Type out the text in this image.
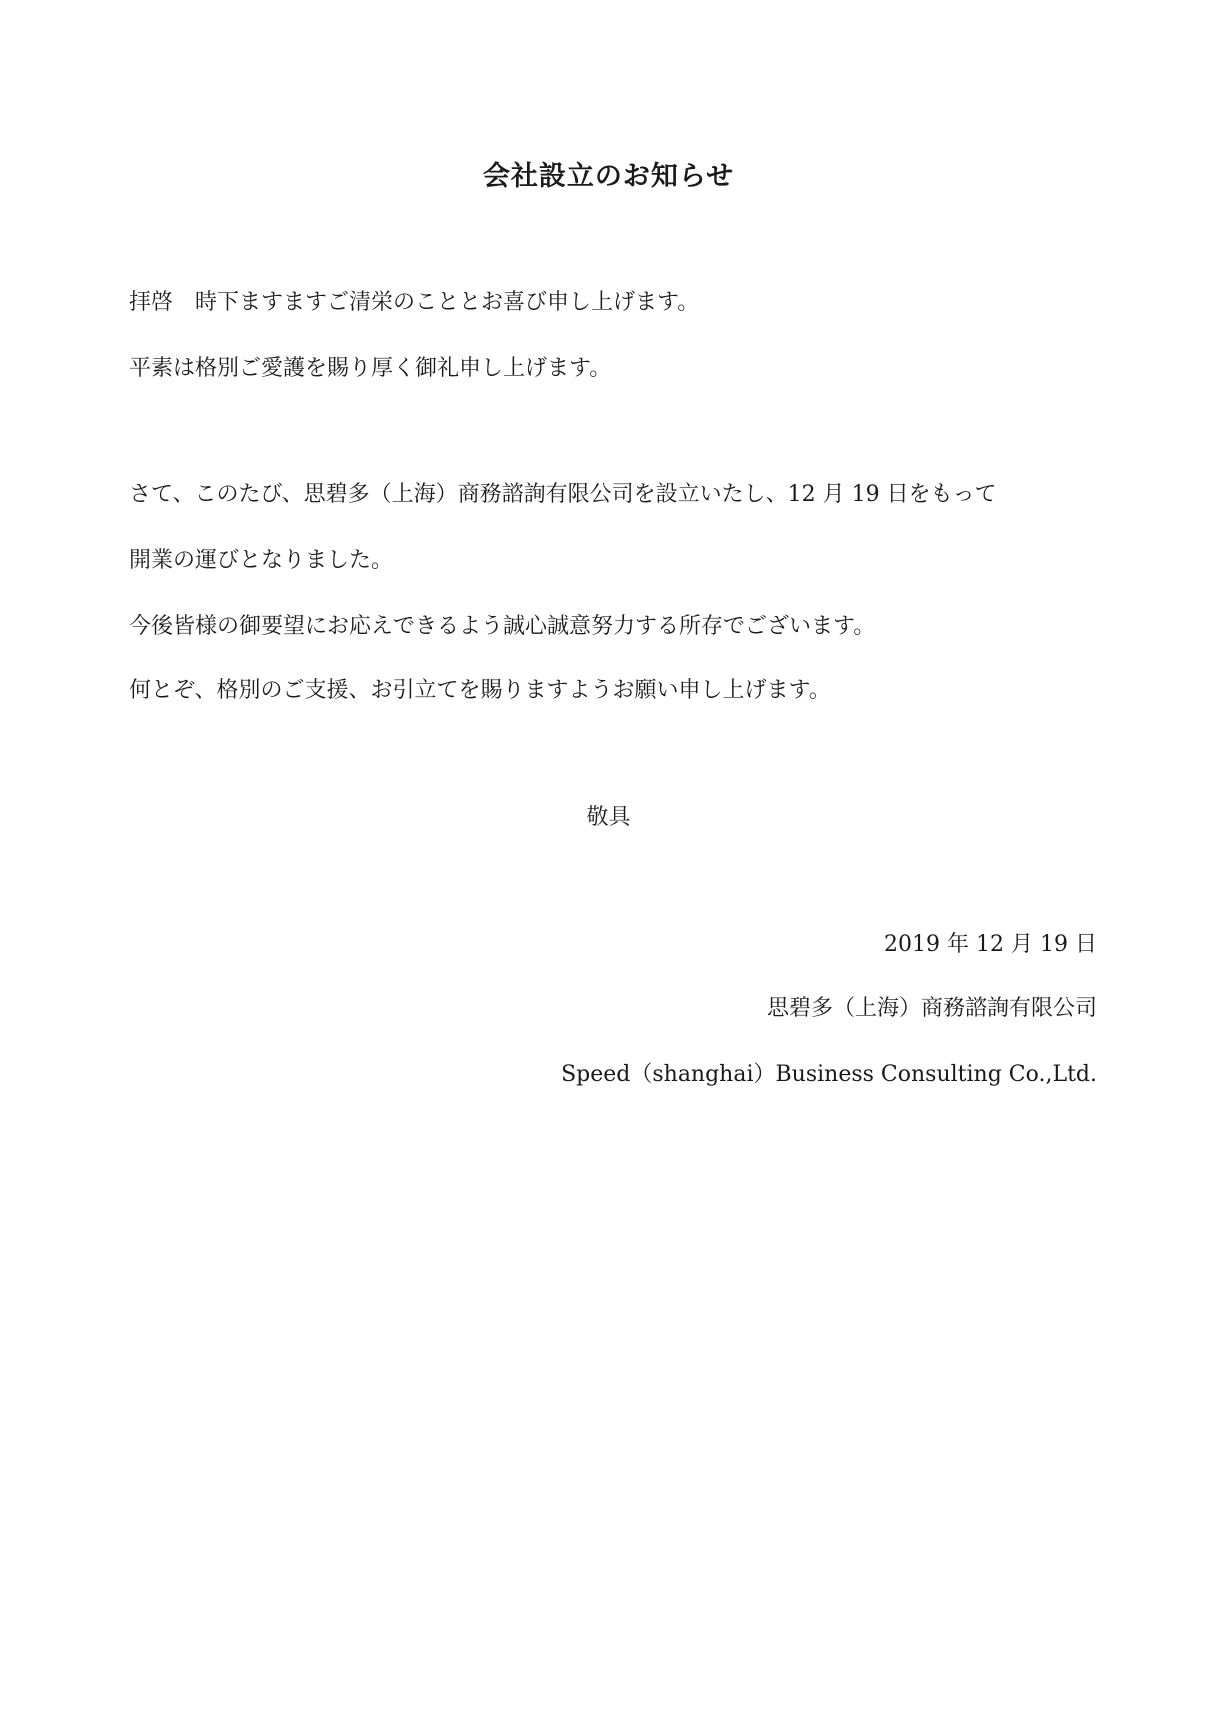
会社設立のお知らせ

拝啓　時下ますますご清栄のこととお喜び申し上げます。

平素は格別ご愛護を賜り厚く御礼申し上げます。

さて、このたび、思碧多（上海）商務諮詢有限公司を設立いたし、12 月 19 日をもって

開業の運びとなりました。

今後皆様の御要望にお応えできるよう誠心誠意努力する所存でございます。

何とぞ、格別のご支援、お引立てを賜りますようお願い申し上げます。

敬具

2019 年 12 月 19 日

思碧多（上海）商務諮詢有限公司

Speed（shanghai）Business Consulting Co.,Ltd.
